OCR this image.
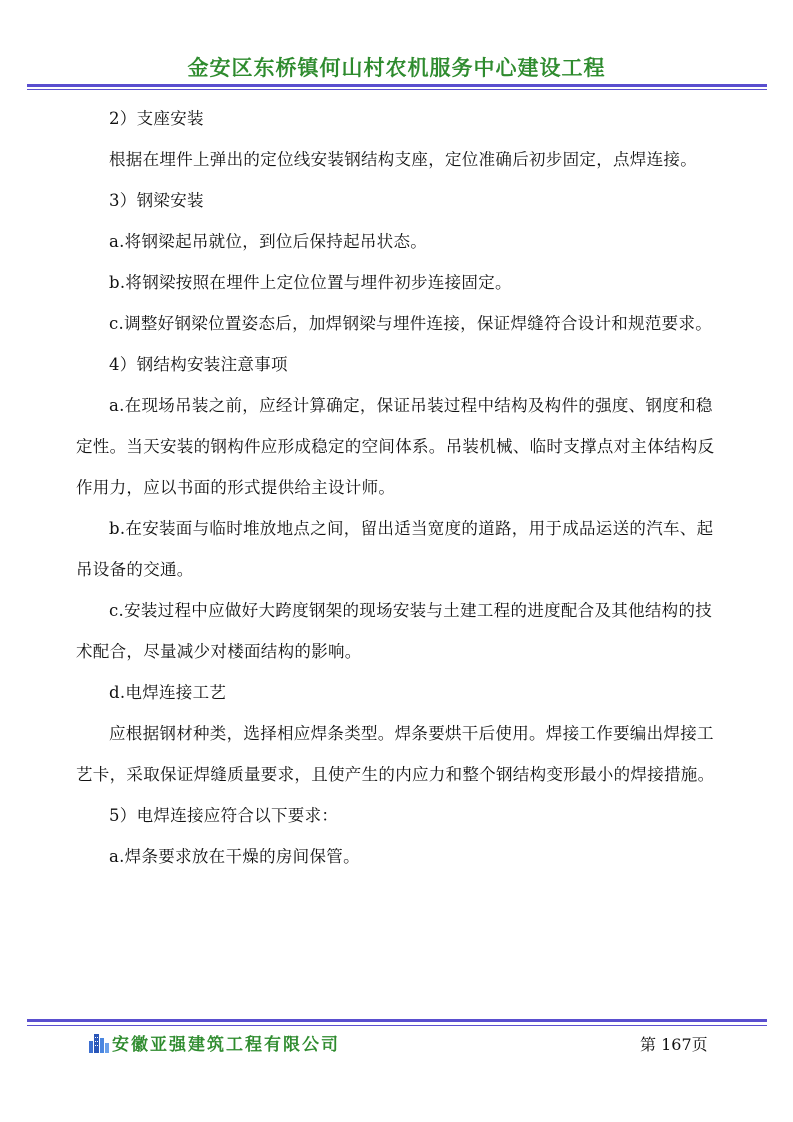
金安区东桥镇何山村农机服务中心建设工程

2）支座安装

根据在埋件上弹出的定位线安装钢结构支座，定位准确后初步固定，点焊连接。

3）钢梁安装

a.将钢梁起吊就位，到位后保持起吊状态。

b.将钢梁按照在埋件上定位位置与埋件初步连接固定。

c.调整好钢梁位置姿态后，加焊钢梁与埋件连接，保证焊缝符合设计和规范要求。

4）钢结构安装注意事项

a.在现场吊装之前，应经计算确定，保证吊装过程中结构及构件的强度、钢度和稳定性。当天安装的钢构件应形成稳定的空间体系。吊装机械、临时支撑点对主体结构反作用力，应以书面的形式提供给主设计师。

b.在安装面与临时堆放地点之间，留出适当宽度的道路，用于成品运送的汽车、起吊设备的交通。

c.安装过程中应做好大跨度钢架的现场安装与土建工程的进度配合及其他结构的技术配合，尽量减少对楼面结构的影响。

d.电焊连接工艺

应根据钢材种类，选择相应焊条类型。焊条要烘干后使用。焊接工作要编出焊接工艺卡，采取保证焊缝质量要求，且使产生的内应力和整个钢结构变形最小的焊接措施。

5）电焊连接应符合以下要求：

a.焊条要求放在干燥的房间保管。

安徽亚强建筑工程有限公司	第 167页
